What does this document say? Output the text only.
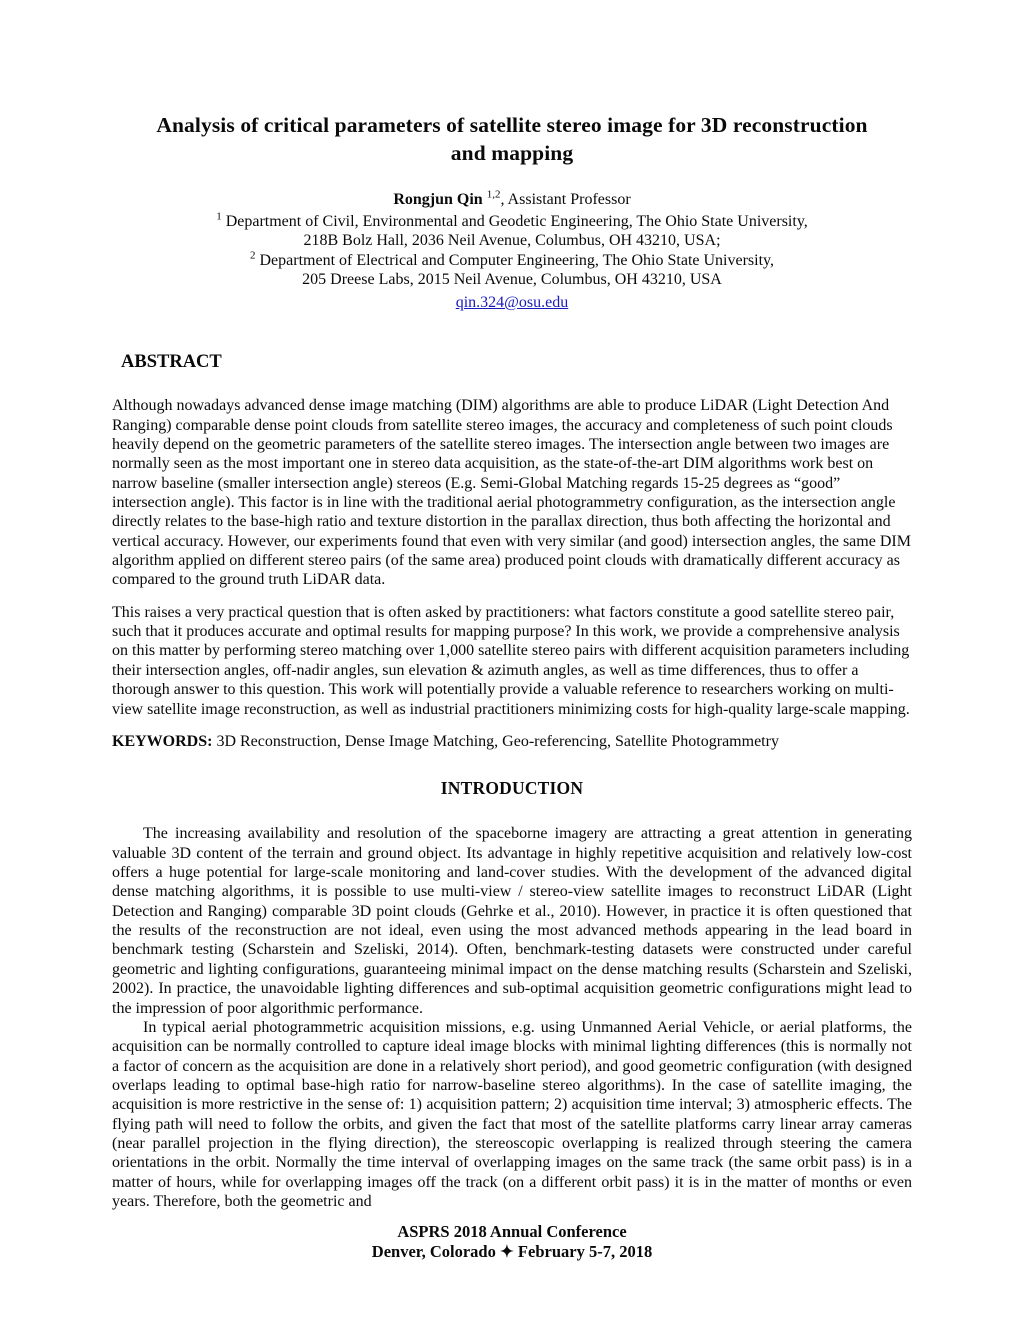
Analysis of critical parameters of satellite stereo image for 3D reconstruction
and mapping
Rongjun Qin $^{1,2}$, Assistant Professor
$^1$ Department of Civil, Environmental and Geodetic Engineering, The Ohio State University,
218B Bolz Hall, 2036 Neil Avenue, Columbus, OH 43210, USA;
$^2$ Department of Electrical and Computer Engineering, The Ohio State University,
205 Dreese Labs, 2015 Neil Avenue, Columbus, OH 43210, USA
qin.324@osu.edu
ABSTRACT

Although nowadays advanced dense image matching (DIM) algorithms are able to produce LiDAR (Light Detection And Ranging) comparable dense point clouds from satellite stereo images, the accuracy and completeness of such point clouds heavily depend on the geometric parameters of the satellite stereo images. The intersection angle between two images are normally seen as the most important one in stereo data acquisition, as the state-of-the-art DIM algorithms work best on narrow baseline (smaller intersection angle) stereos (E.g. Semi-Global Matching regards 15-25 degrees as “good” intersection angle). This factor is in line with the traditional aerial photogrammetry configuration, as the intersection angle directly relates to the base-high ratio and texture distortion in the parallax direction, thus both affecting the horizontal and vertical accuracy. However, our experiments found that even with very similar (and good) intersection angles, the same DIM algorithm applied on different stereo pairs (of the same area) produced point clouds with dramatically different accuracy as compared to the ground truth LiDAR data.

This raises a very practical question that is often asked by practitioners: what factors constitute a good satellite stereo pair, such that it produces accurate and optimal results for mapping purpose? In this work, we provide a comprehensive analysis on this matter by performing stereo matching over 1,000 satellite stereo pairs with different acquisition parameters including their intersection angles, off-nadir angles, sun elevation & azimuth angles, as well as time differences, thus to offer a thorough answer to this question. This work will potentially provide a valuable reference to researchers working on multi-view satellite image reconstruction, as well as industrial practitioners minimizing costs for high-quality large-scale mapping.

KEYWORDS: 3D Reconstruction, Dense Image Matching, Geo-referencing, Satellite Photogrammetry

INTRODUCTION

The increasing availability and resolution of the spaceborne imagery are attracting a great attention in generating valuable 3D content of the terrain and ground object. Its advantage in highly repetitive acquisition and relatively low-cost offers a huge potential for large-scale monitoring and land-cover studies. With the development of the advanced digital dense matching algorithms, it is possible to use multi-view / stereo-view satellite images to reconstruct LiDAR (Light Detection and Ranging) comparable 3D point clouds (Gehrke et al., 2010). However, in practice it is often questioned that the results of the reconstruction are not ideal, even using the most advanced methods appearing in the lead board in benchmark testing (Scharstein and Szeliski, 2014). Often, benchmark-testing datasets were constructed under careful geometric and lighting configurations, guaranteeing minimal impact on the dense matching results (Scharstein and Szeliski, 2002). In practice, the unavoidable lighting differences and sub-optimal acquisition geometric configurations might lead to the impression of poor algorithmic performance.

In typical aerial photogrammetric acquisition missions, e.g. using Unmanned Aerial Vehicle, or aerial platforms, the acquisition can be normally controlled to capture ideal image blocks with minimal lighting differences (this is normally not a factor of concern as the acquisition are done in a relatively short period), and good geometric configuration (with designed overlaps leading to optimal base-high ratio for narrow-baseline stereo algorithms). In the case of satellite imaging, the acquisition is more restrictive in the sense of: 1) acquisition pattern; 2) acquisition time interval; 3) atmospheric effects. The flying path will need to follow the orbits, and given the fact that most of the satellite platforms carry linear array cameras (near parallel projection in the flying direction), the stereoscopic overlapping is realized through steering the camera orientations in the orbit. Normally the time interval of overlapping images on the same track (the same orbit pass) is in a matter of hours, while for overlapping images off the track (on a different orbit pass) it is in the matter of months or even years. Therefore, both the geometric and

ASPRS 2018 Annual Conference
Denver, Colorado ✦ February 5-7, 2018
